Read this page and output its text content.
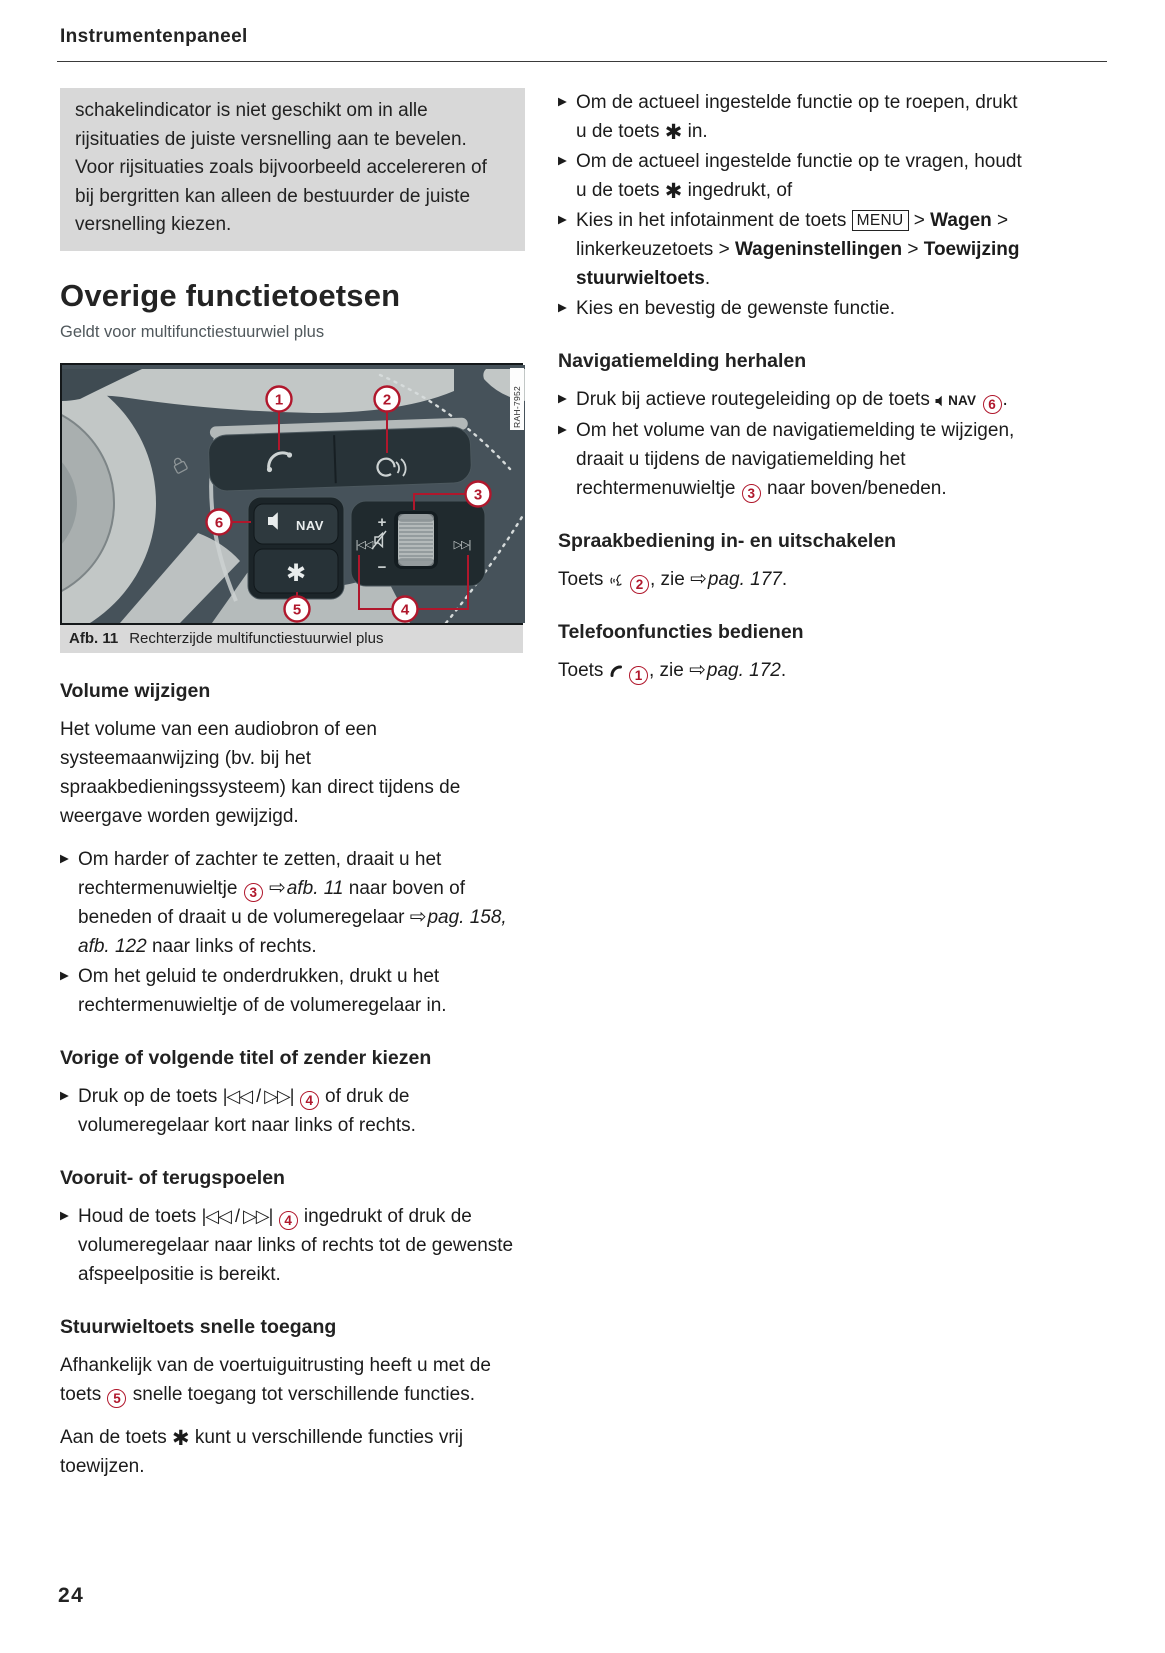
Instrumentenpaneel
schakelindicator is niet geschikt om in alle rijsituaties de juiste versnelling aan te bevelen. Voor rijsituaties zoals bijvoorbeeld accelereren of bij bergritten kan alleen de bestuurder de juiste versnelling kiezen.
Overige functietoetsen
Geldt voor multifunctiestuurwiel plus
NAV
✱
|◁◁	▷▷|
+
−
1	2
3
4
5
6
RAH-7952
Afb. 11 Rechterzijde multifunctiestuurwiel plus
Volume wijzigen
Het volume van een audiobron of een systeemaanwijzing (bv. bij het spraakbedieningssysteem) kan direct tijdens de weergave worden gewijzigd.
▶ Om harder of zachter te zetten, draait u het rechtermenuwieltje 3 ⇨afb. 11 naar boven of beneden of draait u de volumeregelaar ⇨pag. 158, afb. 122 naar links of rechts.
▶ Om het geluid te onderdrukken, drukt u het rechtermenuwieltje of de volumeregelaar in.
Vorige of volgende titel of zender kiezen
▶ Druk op de toets |◁◁ / ▷▷| 4 of druk de volumeregelaar kort naar links of rechts.
Vooruit- of terugspoelen
▶ Houd de toets |◁◁ / ▷▷| 4 ingedrukt of druk de volumeregelaar naar links of rechts tot de gewenste afspeelpositie is bereikt.
Stuurwieltoets snelle toegang
Afhankelijk van de voertuiguitrusting heeft u met de toets 5 snelle toegang tot verschillende functies.
Aan de toets ✱ kunt u verschillende functies vrij toewijzen.
▶ Om de actueel ingestelde functie op te roepen, drukt u de toets ✱ in.
▶ Om de actueel ingestelde functie op te vragen, houdt u de toets ✱ ingedrukt, of
▶ Kies in het infotainment de toets MENU > Wagen > linkerkeuzetoets > Wageninstellingen > Toewijzing stuurwieltoets.
▶ Kies en bevestig de gewenste functie.
Navigatiemelding herhalen
▶ Druk bij actieve routegeleiding op de toets NAV 6 .
▶ Om het volume van de navigatiemelding te wijzigen, draait u tijdens de navigatiemelding het rechtermenuwieltje 3 naar boven/beneden.
Spraakbediening in- en uitschakelen
Toets  2 , zie ⇨pag. 177.
Telefoonfuncties bedienen
Toets  1 , zie ⇨pag. 172.
24
